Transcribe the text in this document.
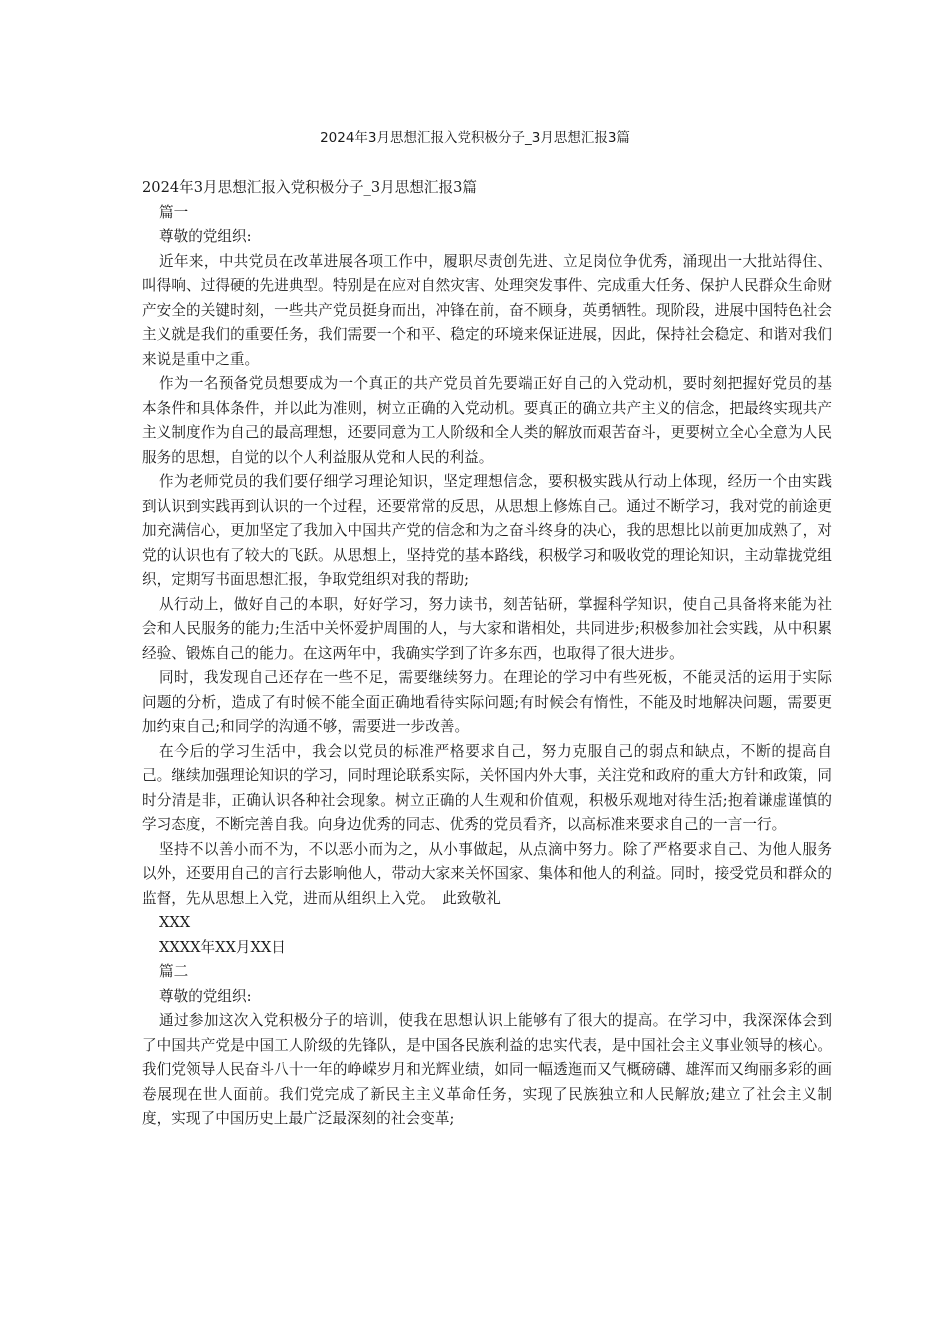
2024年3月思想汇报入党积极分子_3月思想汇报3篇

2024年3月思想汇报入党积极分子_3月思想汇报3篇

篇一

尊敬的党组织:

近年来，中共党员在改革进展各项工作中，履职尽责创先进、立足岗位争优秀，涌现出一大批站得住、叫得响、过得硬的先进典型。特别是在应对自然灾害、处理突发事件、完成重大任务、保护人民群众生命财产安全的关键时刻，一些共产党员挺身而出，冲锋在前，奋不顾身，英勇牺牲。现阶段，进展中国特色社会主义就是我们的重要任务，我们需要一个和平、稳定的环境来保证进展，因此，保持社会稳定、和谐对我们来说是重中之重。

作为一名预备党员想要成为一个真正的共产党员首先要端正好自己的入党动机，要时刻把握好党员的基本条件和具体条件，并以此为准则，树立正确的入党动机。要真正的确立共产主义的信念，把最终实现共产主义制度作为自己的最高理想，还要同意为工人阶级和全人类的解放而艰苦奋斗，更要树立全心全意为人民服务的思想，自觉的以个人利益服从党和人民的利益。

作为老师党员的我们要仔细学习理论知识，坚定理想信念，要积极实践从行动上体现，经历一个由实践到认识到实践再到认识的一个过程，还要常常的反思，从思想上修炼自己。通过不断学习，我对党的前途更加充满信心，更加坚定了我加入中国共产党的信念和为之奋斗终身的决心，我的思想比以前更加成熟了，对党的认识也有了较大的飞跃。从思想上，坚持党的基本路线，积极学习和吸收党的理论知识，主动靠拢党组织，定期写书面思想汇报，争取党组织对我的帮助;

从行动上，做好自己的本职，好好学习，努力读书，刻苦钻研，掌握科学知识，使自己具备将来能为社会和人民服务的能力;生活中关怀爱护周围的人，与大家和谐相处，共同进步;积极参加社会实践，从中积累经验、锻炼自己的能力。在这两年中，我确实学到了许多东西，也取得了很大进步。

同时，我发现自己还存在一些不足，需要继续努力。在理论的学习中有些死板，不能灵活的运用于实际问题的分析，造成了有时候不能全面正确地看待实际问题;有时候会有惰性，不能及时地解决问题，需要更加约束自己;和同学的沟通不够，需要进一步改善。

在今后的学习生活中，我会以党员的标准严格要求自己，努力克服自己的弱点和缺点，不断的提高自己。继续加强理论知识的学习，同时理论联系实际，关怀国内外大事，关注党和政府的重大方针和政策，同时分清是非，正确认识各种社会现象。树立正确的人生观和价值观，积极乐观地对待生活;抱着谦虚谨慎的学习态度，不断完善自我。向身边优秀的同志、优秀的党员看齐，以高标准来要求自己的一言一行。

坚持不以善小而不为，不以恶小而为之，从小事做起，从点滴中努力。除了严格要求自己、为他人服务以外，还要用自己的言行去影响他人，带动大家来关怀国家、集体和他人的利益。同时，接受党员和群众的监督，先从思想上入党，进而从组织上入党。　此致敬礼

XXX

XXXX年XX月XX日

篇二

尊敬的党组织:

通过参加这次入党积极分子的培训，使我在思想认识上能够有了很大的提高。在学习中，我深深体会到了中国共产党是中国工人阶级的先锋队，是中国各民族利益的忠实代表，是中国社会主义事业领导的核心。我们党领导人民奋斗八十一年的峥嵘岁月和光辉业绩，如同一幅透迤而又气概磅礴、雄浑而又绚丽多彩的画卷展现在世人面前。我们党完成了新民主主义革命任务，实现了民族独立和人民解放;建立了社会主义制度，实现了中国历史上最广泛最深刻的社会变革;
